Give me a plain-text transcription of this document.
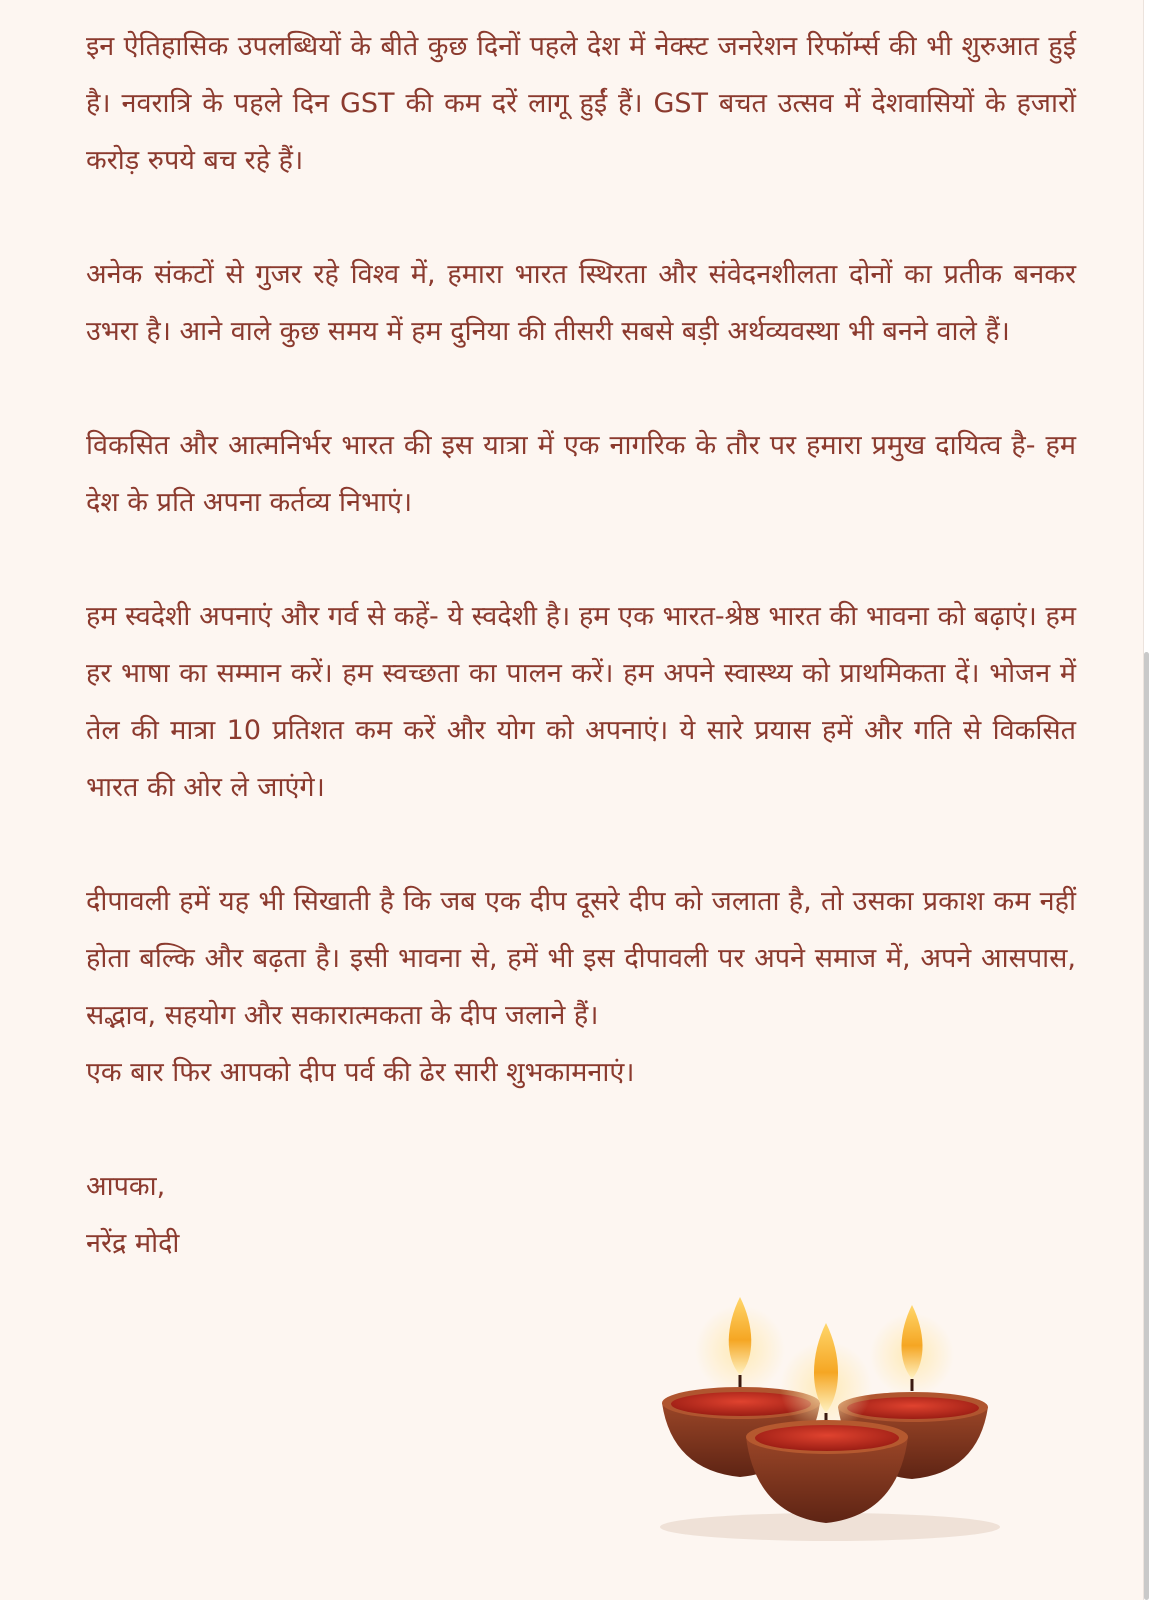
इन ऐतिहासिक उपलब्धियों के बीते कुछ दिनों पहले देश में नेक्स्ट जनरेशन रिफॉर्म्स की भी शुरुआत हुई है। नवरात्रि के पहले दिन GST की कम दरें लागू हुईं हैं। GST बचत उत्सव में देशवासियों के हजारों करोड़ रुपये बच रहे हैं।

अनेक संकटों से गुजर रहे विश्व में, हमारा भारत स्थिरता और संवेदनशीलता दोनों का प्रतीक बनकर उभरा है। आने वाले कुछ समय में हम दुनिया की तीसरी सबसे बड़ी अर्थव्यवस्था भी बनने वाले हैं।

विकसित और आत्मनिर्भर भारत की इस यात्रा में एक नागरिक के तौर पर हमारा प्रमुख दायित्व है- हम देश के प्रति अपना कर्तव्य निभाएं।

हम स्वदेशी अपनाएं और गर्व से कहें- ये स्वदेशी है। हम एक भारत-श्रेष्ठ भारत की भावना को बढ़ाएं। हम हर भाषा का सम्मान करें। हम स्वच्छता का पालन करें। हम अपने स्वास्थ्य को प्राथमिकता दें। भोजन में तेल की मात्रा 10 प्रतिशत कम करें और योग को अपनाएं। ये सारे प्रयास हमें और गति से विकसित भारत की ओर ले जाएंगे।

दीपावली हमें यह भी सिखाती है कि जब एक दीप दूसरे दीप को जलाता है, तो उसका प्रकाश कम नहीं होता बल्कि और बढ़ता है। इसी भावना से, हमें भी इस दीपावली पर अपने समाज में, अपने आसपास, सद्भाव, सहयोग और सकारात्मकता के दीप जलाने हैं।

एक बार फिर आपको दीप पर्व की ढेर सारी शुभकामनाएं।

आपका,

नरेंद्र मोदी
